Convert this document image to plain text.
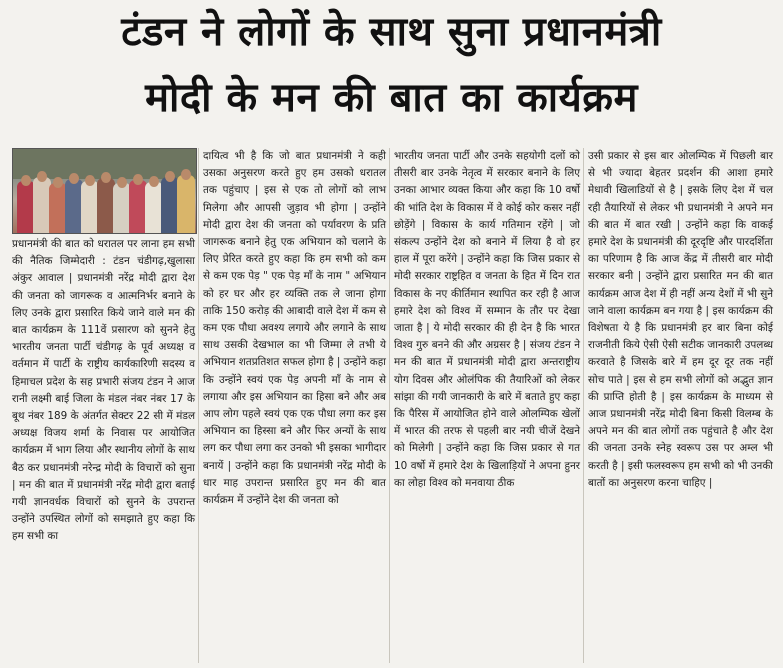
टंडन ने लोगों के साथ सुना प्रधानमंत्री
मोदी के मन की बात का कार्यक्रम

प्रधानमंत्री की बात को धरातल पर लाना हम सभी की नैतिक जिम्मेदारी : टंडन चंडीगढ़,खुलासा अंकुर आवाल | प्रधानमंत्री नरेंद्र मोदी द्वारा देश की जनता को जागरूक व आत्मनिर्भर बनाने के लिए उनके द्वारा प्रसारित किये जाने वाले मन की बात कार्यक्रम के 111वें प्रसारण को सुनने हेतु भारतीय जनता पार्टी चंडीगढ़ के पूर्व अध्यक्ष व वर्तमान में पार्टी के राष्ट्रीय कार्यकारिणी सदस्य व हिमाचल प्रदेश के सह प्रभारी संजय टंडन ने आज रानी लक्ष्मी बाई जिला के मंडल नंबर नंबर 17 के बूथ नंबर 189 के अंतर्गत सेक्टर 22 सी में मंडल अध्यक्ष विजय शर्मा के निवास पर आयोजित कार्यक्रम में भाग लिया और स्थानीय लोगों के साथ बैठ कर प्रधानमंत्री नरेन्द्र मोदी के विचारों को सुना | मन की बात में प्रधानमंत्री नरेंद्र मोदी द्वारा बताई गयी ज्ञानवर्धक विचारों को सुनने के उपरान्त उन्होंने उपस्थित लोगों को समझाते हुए कहा कि हम सभी का

दायित्व भी है कि जो बात प्रधानमंत्री ने कही उसका अनुसरण करते हुए हम उसको धरातल तक पहुंचाए | इस से एक तो लोगों को लाभ मिलेगा और आपसी जुड़ाव भी होगा | उन्होंने मोदी द्वारा देश की जनता को पर्यावरण के प्रति जागरूक बनाने हेतु एक अभियान को चलाने के लिए प्रेरित करते हुए कहा कि हम सभी को कम से कम एक पेड़ " एक पेड़ माँ के नाम " अभियान को हर घर और हर व्यक्ति तक ले जाना होगा ताकि 150 करोड़ की आबादी वाले देश में कम से कम एक पौधा अवश्य लगाये और लगाने के साथ साथ उसकी देखभाल का भी जिम्मा ले तभी ये अभियान शतप्रतिशत सफल होगा है | उन्होंने कहा कि उन्होंने स्वयं एक पेड़ अपनी माँ के नाम से लगाया और इस अभियान का हिसा बने और अब आप लोग पहले स्वयं एक एक पौधा लगा कर इस अभियान का हिस्सा बने और फिर अन्यों के साथ लग कर पौधा लगा कर उनको भी इसका भागीदार बनायें | उन्होंने कहा कि प्रधानमंत्री नरेंद्र मोदी के धार माह उपरान्त प्रसारित हुए मन की बात कार्यक्रम में उन्होंने देश की जनता को

भारतीय जनता पार्टी और उनके सहयोगी दलों को तीसरी बार उनके नेतृत्व में सरकार बनाने के लिए उनका आभार व्यक्त किया और कहा कि 10 वर्षो की भांति देश के विकास में वे कोई कोर कसर नहीं छोड़ेंगे | विकास के कार्य गतिमान रहेंगे | जो संकल्प उन्होंने देश को बनाने में लिया है वो हर हाल में पूरा करेंगे | उन्होंने कहा कि जिस प्रकार से मोदी सरकार राष्ट्रहित व जनता के हित में दिन रात विकास के नए कीर्तिमान स्थापित कर रही है आज हमारे देश को विश्व में सम्मान के तौर पर देखा जाता है | ये मोदी सरकार की ही देन है कि भारत विश्व गुरु बनने की और अग्रसर है | संजय टंडन ने मन की बात में प्रधानमंत्री मोदी द्वारा अन्तराष्ट्रीय योग दिवस और ओलंपिक की तैयारिओं को लेकर सांझा की गयी जानकारी के बारे में बताते हुए कहा कि पैरिस में आयोजित होने वाले ओलम्पिक खेलों में भारत की तरफ से पहली बार नयी चीजें देखने को मिलेगी | उन्होंने कहा कि जिस प्रकार से गत 10 वर्षो में हमारे देश के खिलाड़ियों ने अपना हुनर का लोहा विश्व को मनवाया ठीक

उसी प्रकार से इस बार ओलम्पिक में पिछली बार से भी ज्यादा बेहतर प्रदर्शन की आशा हमारे मेधावी खिलाडियों से है | इसके लिए देश में चल रही तैयारियों से लेकर भी प्रधानमंत्री ने अपने मन की बात में बात रखी | उन्होंने कहा कि वाकई हमारे देश के प्रधानमंत्री की दूरदृष्टि और पारदर्शिता का परिणाम है कि आज केंद्र में तीसरी बार मोदी सरकार बनी | उन्होंने द्वारा प्रसारित मन की बात कार्यक्रम आज देश में ही नहीं अन्य देशों में भी सुने जाने वाला कार्यक्रम बन गया है | इस कार्यक्रम की विशेषता ये है कि प्रधानमंत्री हर बार बिना कोई राजनीती किये ऐसी ऐसी सटीक जानकारी उपलब्ध करवाते है जिसके बारे में हम दूर दूर तक नहीं सोच पाते | इस से हम सभी लोगों को अद्भुत ज्ञान की प्राप्ति होती है | इस कार्यक्रम के माध्यम से आज प्रधानमंत्री नरेंद्र मोदी बिना किसी विलम्ब के अपने मन की बात लोगों तक पहुंचाते है और देश की जनता उनके स्नेह स्वरूप उस पर अम्ल भी करती है | इसी फलस्वरूप हम सभी को भी उनकी बातों का अनुसरण करना चाहिए |
